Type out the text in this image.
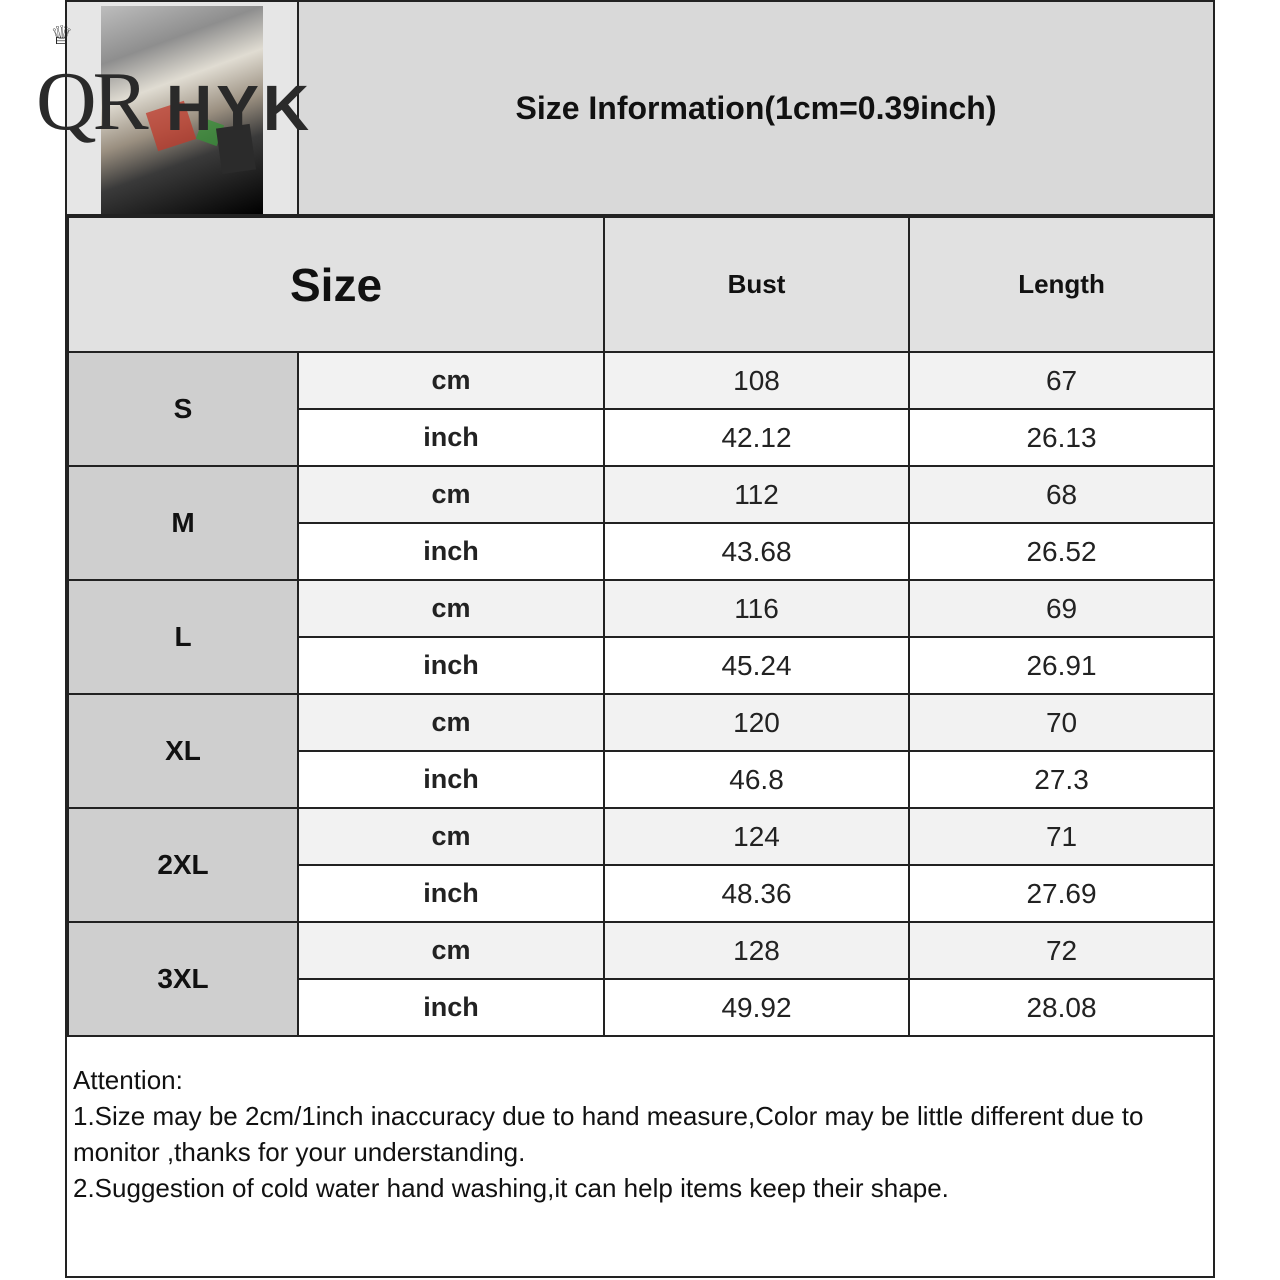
Size Information(1cm=0.39inch)
Size		Bust	Length
S	cm	108	67
	inch	42.12	26.13
M	cm	112	68
	inch	43.68	26.52
L	cm	116	69
	inch	45.24	26.91
XL	cm	120	70
	inch	46.8	27.3
2XL	cm	124	71
	inch	48.36	27.69
3XL	cm	128	72
	inch	49.92	28.08

Attention:

1.Size may be 2cm/1inch inaccuracy due to hand measure,Color may be little different due to monitor ,thanks for your understanding.

2.Suggestion of cold water hand washing,it can help items keep their shape.

♕
QR HYK
